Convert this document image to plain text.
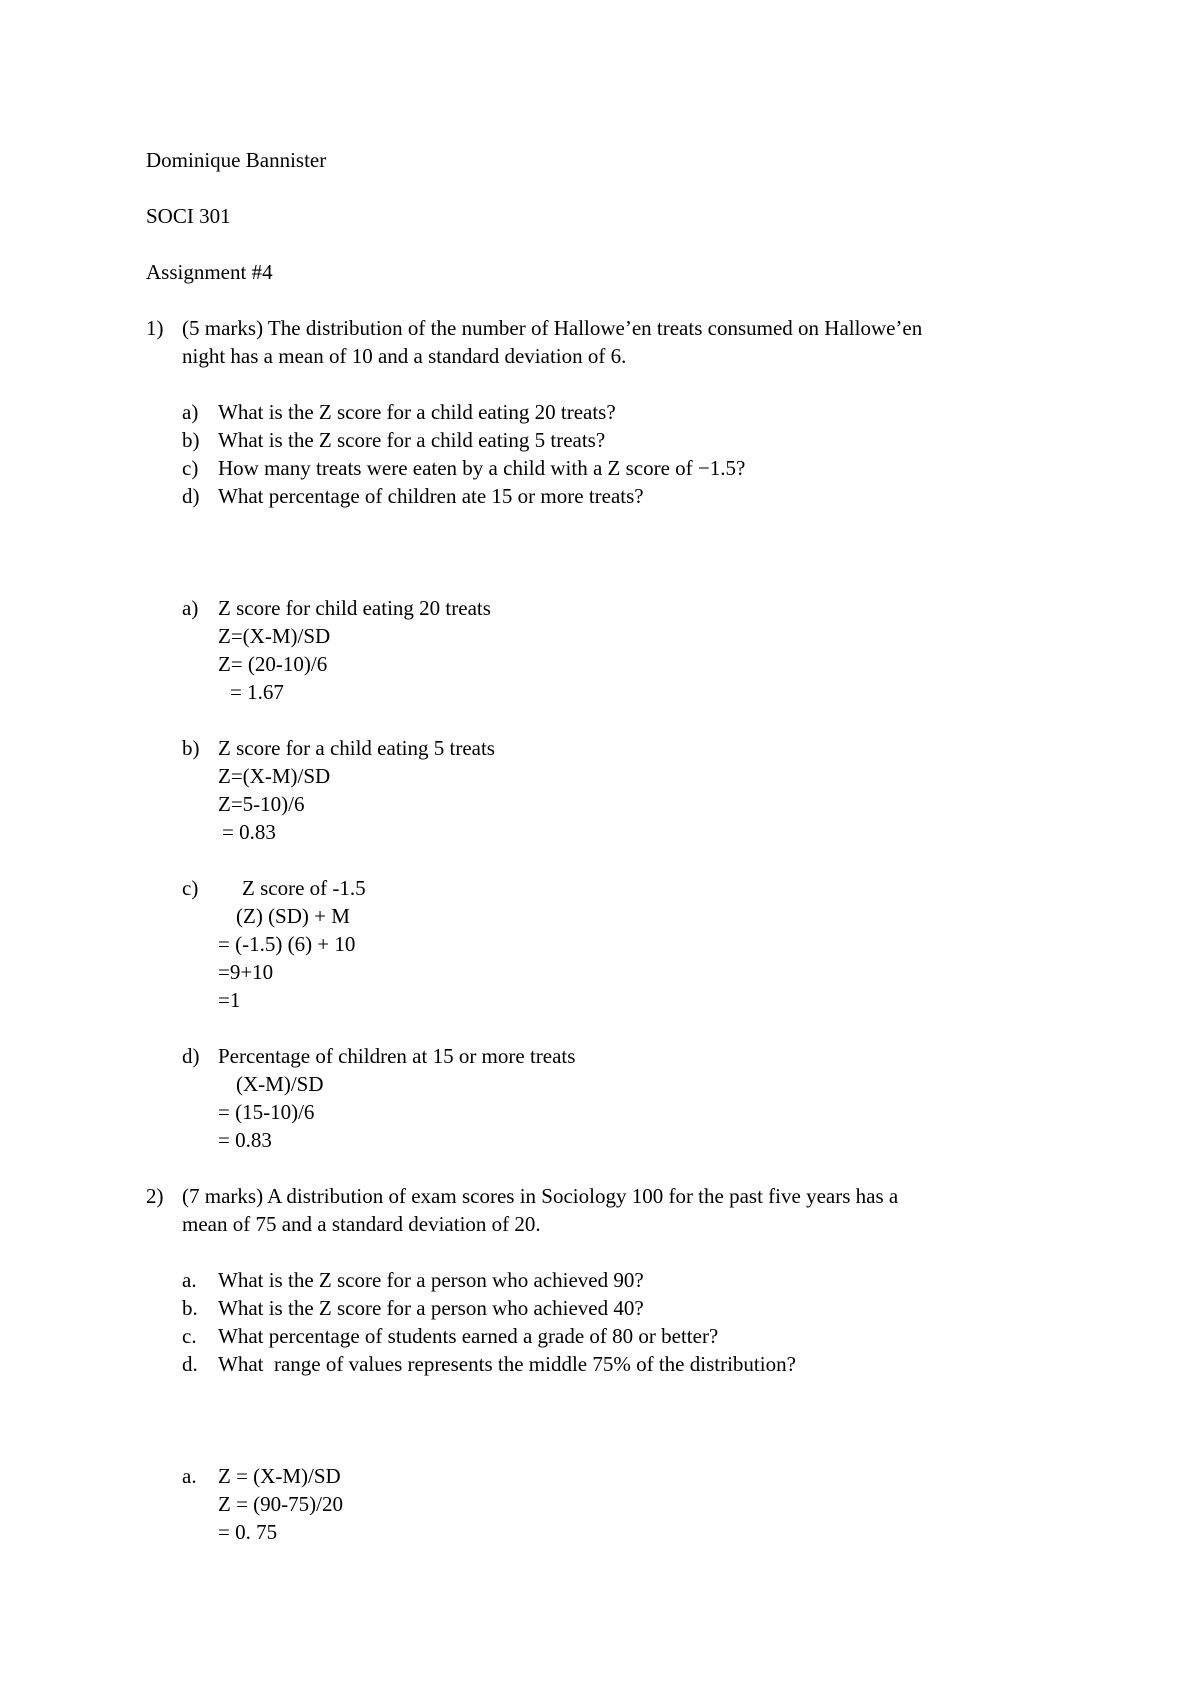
Dominique Bannister
SOCI 301
Assignment #4
1) (5 marks) The distribution of the number of Hallowe’en treats consumed on Hallowe’en
night has a mean of 10 and a standard deviation of 6.
a) What is the Z score for a child eating 20 treats?
b) What is the Z score for a child eating 5 treats?
c) How many treats were eaten by a child with a Z score of −1.5?
d) What percentage of children ate 15 or more treats?
a) Z score for child eating 20 treats
Z=(X-M)/SD
Z= (20-10)/6
= 1.67
b) Z score for a child eating 5 treats
Z=(X-M)/SD
Z=5-10)/6
= 0.83
c) Z score of -1.5
(Z) (SD) + M
= (-1.5) (6) + 10
=9+10
=1
d) Percentage of children at 15 or more treats
(X-M)/SD
= (15-10)/6
= 0.83
2) (7 marks) A distribution of exam scores in Sociology 100 for the past five years has a
mean of 75 and a standard deviation of 20.
a. What is the Z score for a person who achieved 90?
b. What is the Z score for a person who achieved 40?
c. What percentage of students earned a grade of 80 or better?
d. What  range of values represents the middle 75% of the distribution?
a. Z = (X-M)/SD
Z = (90-75)/20
= 0. 75
